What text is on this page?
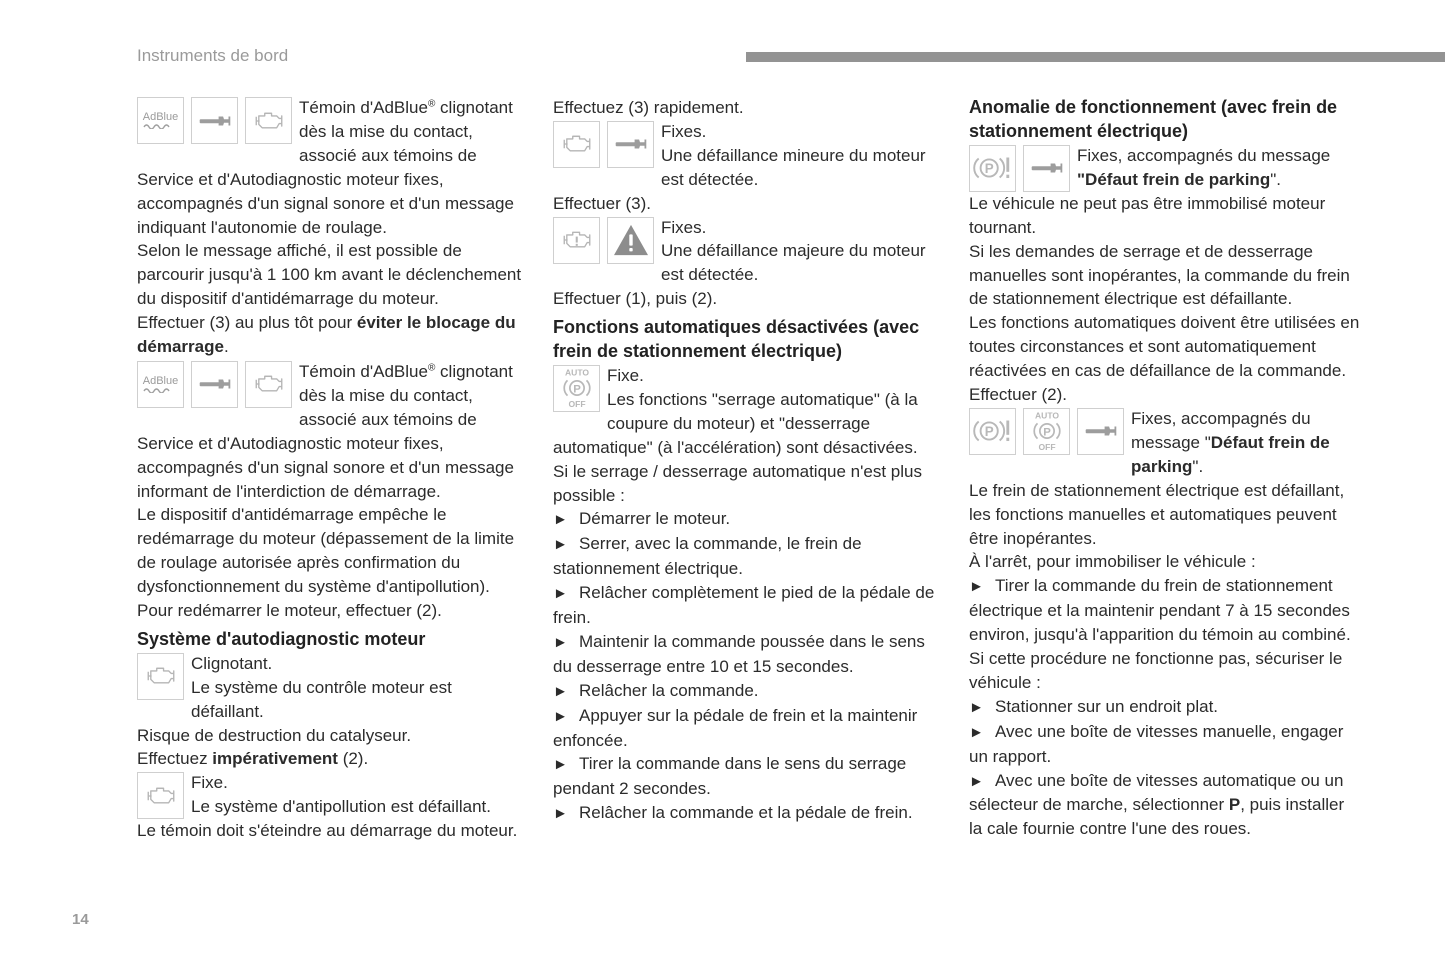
Instruments de bord
AdBlue	Témoin d'AdBlue® clignotant dès la mise du contact, associé aux témoins de Service et d'Autodiagnostic moteur fixes, accompagnés d'un signal sonore et d'un message indiquant l'autonomie de roulage.

Selon le message affiché, il est possible de parcourir jusqu'à 1 100 km avant le déclenchement du dispositif d'antidémarrage du moteur.

Effectuer (3) au plus tôt pour éviter le blocage du démarrage.

AdBlue	Témoin d'AdBlue® clignotant dès la mise du contact, associé aux témoins de Service et d'Autodiagnostic moteur fixes, accompagnés d'un signal sonore et d'un message informant de l'interdiction de démarrage.

Le dispositif d'antidémarrage empêche le redémarrage du moteur (dépassement de la limite de roulage autorisée après confirmation du dysfonctionnement du système d'antipollution).

Pour redémarrer le moteur, effectuer (2).

Système d'autodiagnostic moteur

Clignotant.
Le système du contrôle moteur est défaillant.

Risque de destruction du catalyseur.

Effectuez impérativement (2).

Fixe.
Le système d'antipollution est défaillant.

Le témoin doit s'éteindre au démarrage du moteur.

Effectuez (3) rapidement.

Fixes.
Une défaillance mineure du moteur est détectée.

Effectuer (3).

Fixes.
Une défaillance majeure du moteur est détectée.

Effectuer (1), puis (2).

Fonctions automatiques désactivées (avec frein de stationnement électrique)

Fixe.
Les fonctions "serrage automatique" (à la coupure du moteur) et "desserrage automatique" (à l'accélération) sont désactivées.

Si le serrage / desserrage automatique n'est plus possible :

► Démarrer le moteur.

► Serrer, avec la commande, le frein de stationnement électrique.

► Relâcher complètement le pied de la pédale de frein.

► Maintenir la commande poussée dans le sens du desserrage entre 10 et 15 secondes.

► Relâcher la commande.

► Appuyer sur la pédale de frein et la maintenir enfoncée.

► Tirer la commande dans le sens du serrage pendant 2 secondes.

► Relâcher la commande et la pédale de frein.

Anomalie de fonctionnement (avec frein de stationnement électrique)

Fixes, accompagnés du message "Défaut frein de parking".

Le véhicule ne peut pas être immobilisé moteur tournant.

Si les demandes de serrage et de desserrage manuelles sont inopérantes, la commande du frein de stationnement électrique est défaillante.

Les fonctions automatiques doivent être utilisées en toutes circonstances et sont automatiquement réactivées en cas de défaillance de la commande.

Effectuer (2).

Fixes, accompagnés du message "Défaut frein de parking".

Le frein de stationnement électrique est défaillant, les fonctions manuelles et automatiques peuvent être inopérantes.

À l'arrêt, pour immobiliser le véhicule :

► Tirer la commande du frein de stationnement électrique et la maintenir pendant 7 à 15 secondes environ, jusqu'à l'apparition du témoin au combiné.

Si cette procédure ne fonctionne pas, sécuriser le véhicule :

► Stationner sur un endroit plat.

► Avec une boîte de vitesses manuelle, engager un rapport.

► Avec une boîte de vitesses automatique ou un sélecteur de marche, sélectionner P, puis installer la cale fournie contre l'une des roues.

14
